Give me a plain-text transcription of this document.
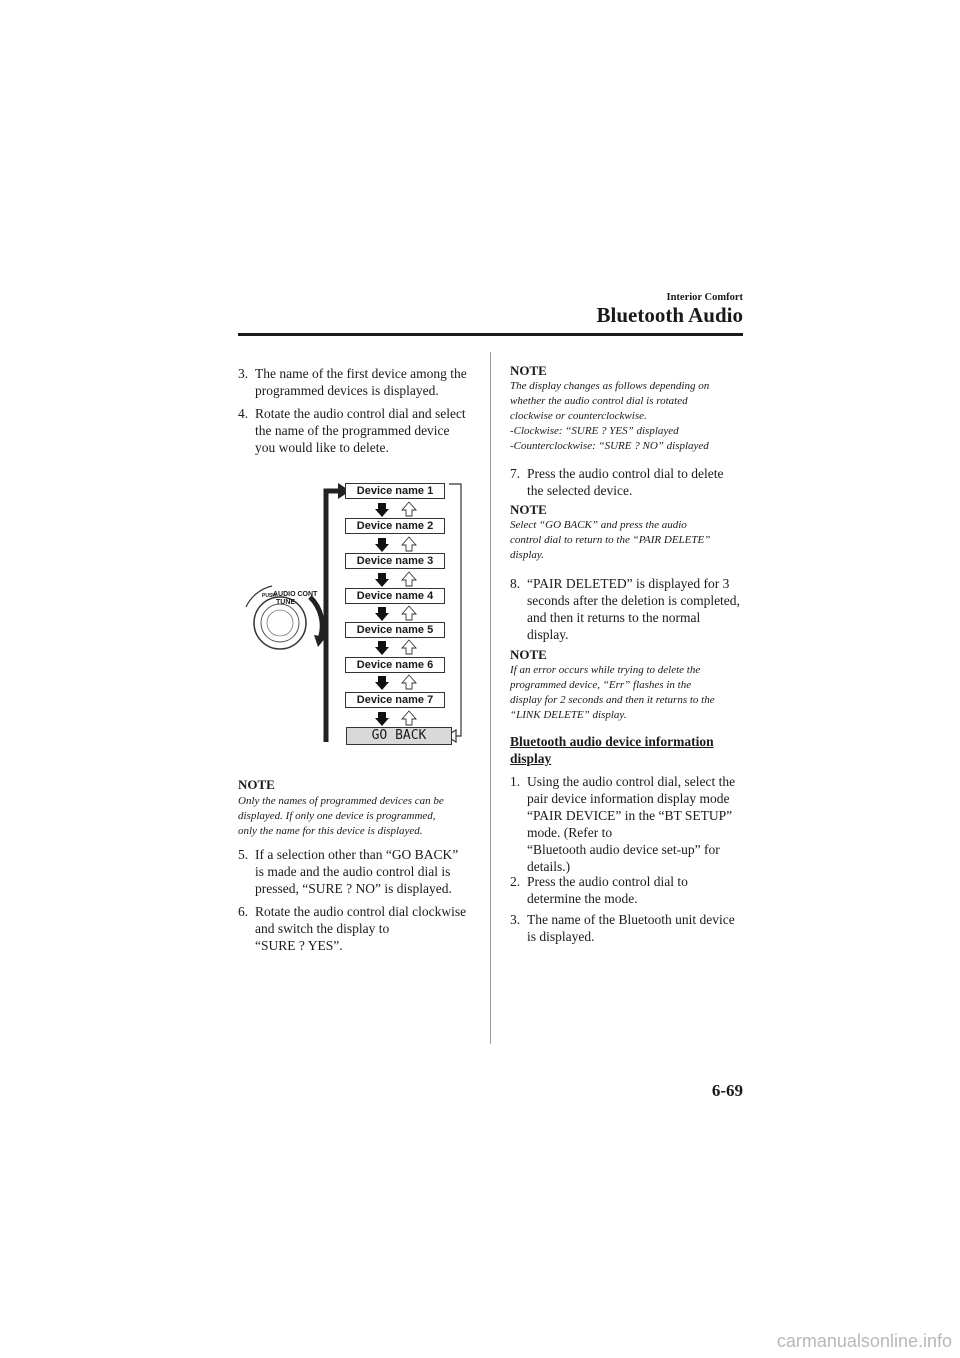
Interior Comfort
Bluetooth Audio
3. The name of the first device among the
programmed devices is displayed.
4. Rotate the audio control dial and select
the name of the programmed device
you would like to delete.
PUSH
AUDIO CONT
TUNE
Device name 1
Device name 2
Device name 3
Device name 4
Device name 5
Device name 6
Device name 7
GO BACK
NOTE
Only the names of programmed devices can be
displayed. If only one device is programmed,
only the name for this device is displayed.
5. If a selection other than “GO BACK”
is made and the audio control dial is
pressed, “SURE ? NO” is displayed.
6. Rotate the audio control dial clockwise
and switch the display to
“SURE ? YES”.
NOTE
The display changes as follows depending on
whether the audio control dial is rotated
clockwise or counterclockwise.
-Clockwise: “SURE ? YES” displayed
-Counterclockwise: “SURE ? NO” displayed
7. Press the audio control dial to delete
the selected device.
NOTE
Select “GO BACK” and press the audio
control dial to return to the “PAIR DELETE”
display.
8. “PAIR DELETED” is displayed for 3
seconds after the deletion is completed,
and then it returns to the normal
display.
NOTE
If an error occurs while trying to delete the
programmed device, “Err” flashes in the
display for 2 seconds and then it returns to the
“LINK DELETE” display.
Bluetooth audio device information
display
1. Using the audio control dial, select the
pair device information display mode
“PAIR DEVICE” in the “BT SETUP”
mode. (Refer to
“Bluetooth audio device set-up” for
details.)
2. Press the audio control dial to
determine the mode.
3. The name of the Bluetooth unit device
is displayed.
6-69
carmanualsonline.info
